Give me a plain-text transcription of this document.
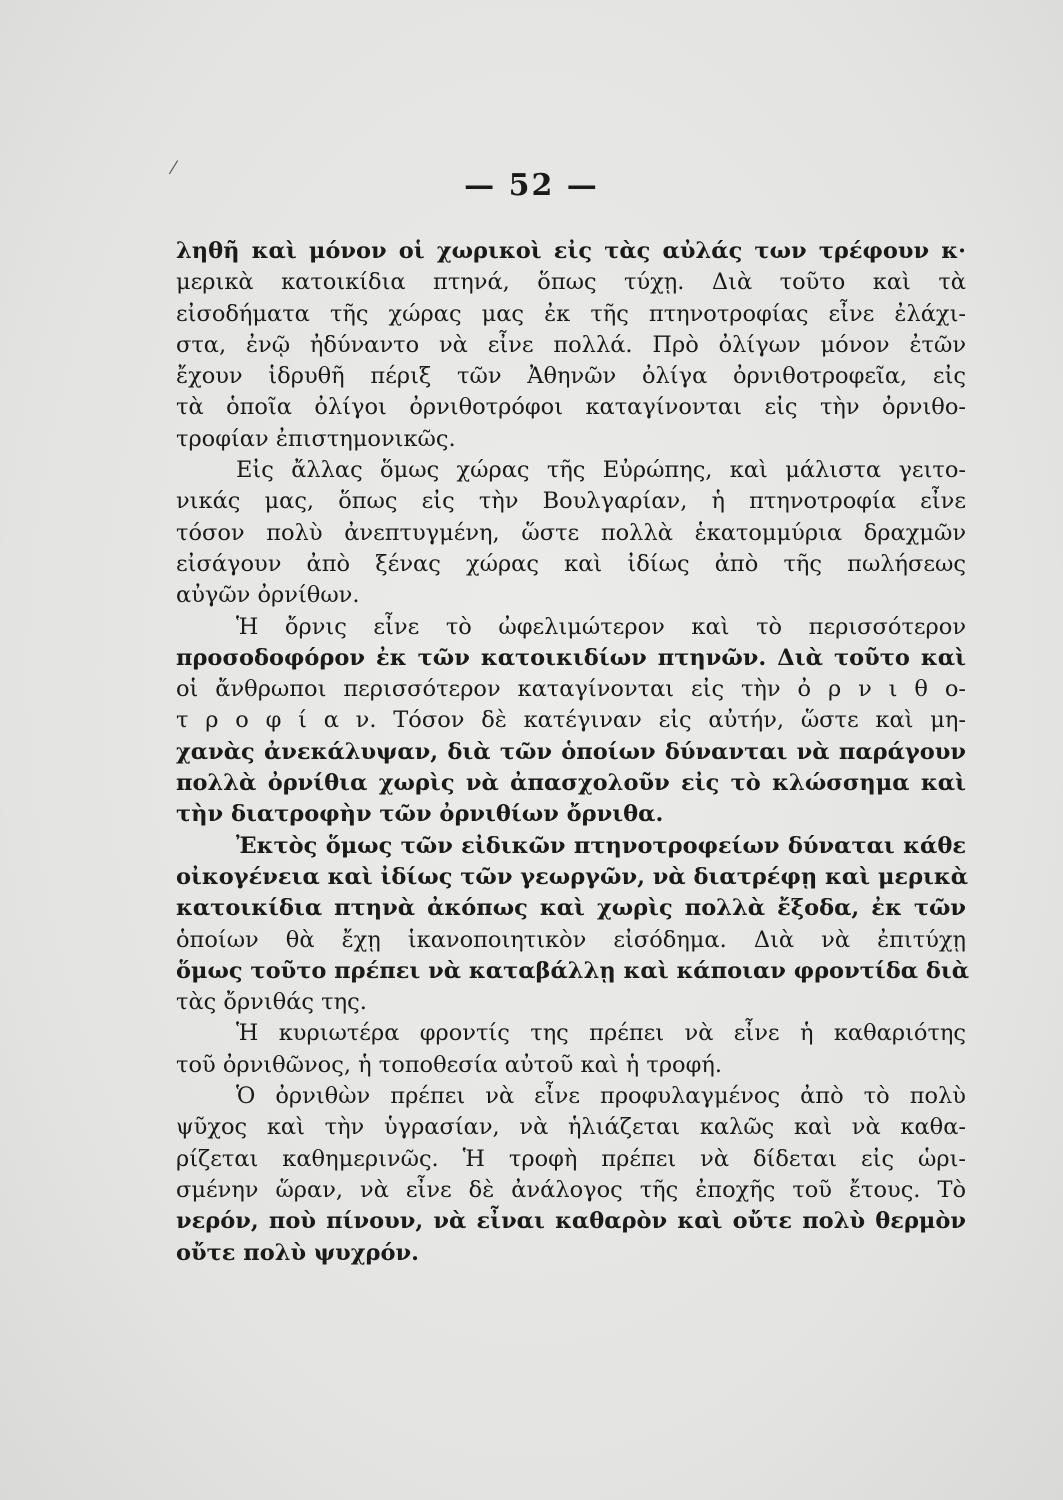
⁄	— 52 —
ληθῆ καὶ μόνον οἱ χωρικοὶ εἰς τὰς αὐλάς των τρέφουν κ·
μερικὰ κατοικίδια πτηνά, ὅπως τύχῃ. Διὰ τοῦτο καὶ τὰ
εἰσοδήματα τῆς χώρας μας ἐκ τῆς πτηνοτροφίας εἶνε ἐλάχι-
στα, ἐνῷ ἠδύναντο νὰ εἶνε πολλά. Πρὸ ὀλίγων μόνον ἐτῶν
ἔχουν ἱδρυθῆ πέριξ τῶν Ἀθηνῶν ὀλίγα ὀρνιθοτροφεῖα, εἰς
τὰ ὁποῖα ὀλίγοι ὀρνιθοτρόφοι καταγίνονται εἰς τὴν ὀρνιθο-
τροφίαν ἐπιστημονικῶς.
Εἰς ἄλλας ὅμως χώρας τῆς Εὐρώπης, καὶ μάλιστα γειτο-
νικάς μας, ὅπως εἰς τὴν Βουλγαρίαν, ἡ πτηνοτροφία εἶνε
τόσον πολὺ ἀνεπτυγμένη, ὥστε πολλὰ ἑκατομμύρια δραχμῶν
εἰσάγουν ἀπὸ ξένας χώρας καὶ ἰδίως ἀπὸ τῆς πωλήσεως
αὐγῶν ὀρνίθων.
Ἡ ὄρνις εἶνε τὸ ὠφελιμώτερον καὶ τὸ περισσότερον
προσοδοφόρον ἐκ τῶν κατοικιδίων πτηνῶν. Διὰ τοῦτο καὶ
οἱ ἄνθρωποι περισσότερον καταγίνονται εἰς τὴν ὀ ρ ν ι θ ο-
τ ρ ο φ ί α ν. Τόσον δὲ κατέγιναν εἰς αὐτήν, ὥστε καὶ μη-
χανὰς ἀνεκάλυψαν, διὰ τῶν ὁποίων δύνανται νὰ παράγουν
πολλὰ ὀρνίθια χωρὶς νὰ ἀπασχολοῦν εἰς τὸ κλώσσημα καὶ
τὴν διατροφὴν τῶν ὀρνιθίων ὄρνιθα.
Ἐκτὸς ὅμως τῶν εἰδικῶν πτηνοτροφείων δύναται κάθε
οἰκογένεια καὶ ἰδίως τῶν γεωργῶν, νὰ διατρέφῃ καὶ μερικὰ
κατοικίδια πτηνὰ ἀκόπως καὶ χωρὶς πολλὰ ἔξοδα, ἐκ τῶν
ὁποίων θὰ ἔχῃ ἱκανοποιητικὸν εἰσόδημα. Διὰ νὰ ἐπιτύχῃ
ὅμως τοῦτο πρέπει νὰ καταβάλλῃ καὶ κάποιαν φροντίδα διὰ
τὰς ὄρνιθάς της.
Ἡ κυριωτέρα φροντίς της πρέπει νὰ εἶνε ἡ καθαριότης
τοῦ ὀρνιθῶνος, ἡ τοποθεσία αὐτοῦ καὶ ἡ τροφή.
Ὁ ὀρνιθὼν πρέπει νὰ εἶνε προφυλαγμένος ἀπὸ τὸ πολὺ
ψῦχος καὶ τὴν ὑγρασίαν, νὰ ἡλιάζεται καλῶς καὶ νὰ καθα-
ρίζεται καθημερινῶς. Ἡ τροφὴ πρέπει νὰ δίδεται εἰς ὡρι-
σμένην ὥραν, νὰ εἶνε δὲ ἀνάλογος τῆς ἐποχῆς τοῦ ἔτους. Τὸ
νερόν, ποὺ πίνουν, νὰ εἶναι καθαρὸν καὶ οὔτε πολὺ θερμὸν
οὔτε πολὺ ψυχρόν.
